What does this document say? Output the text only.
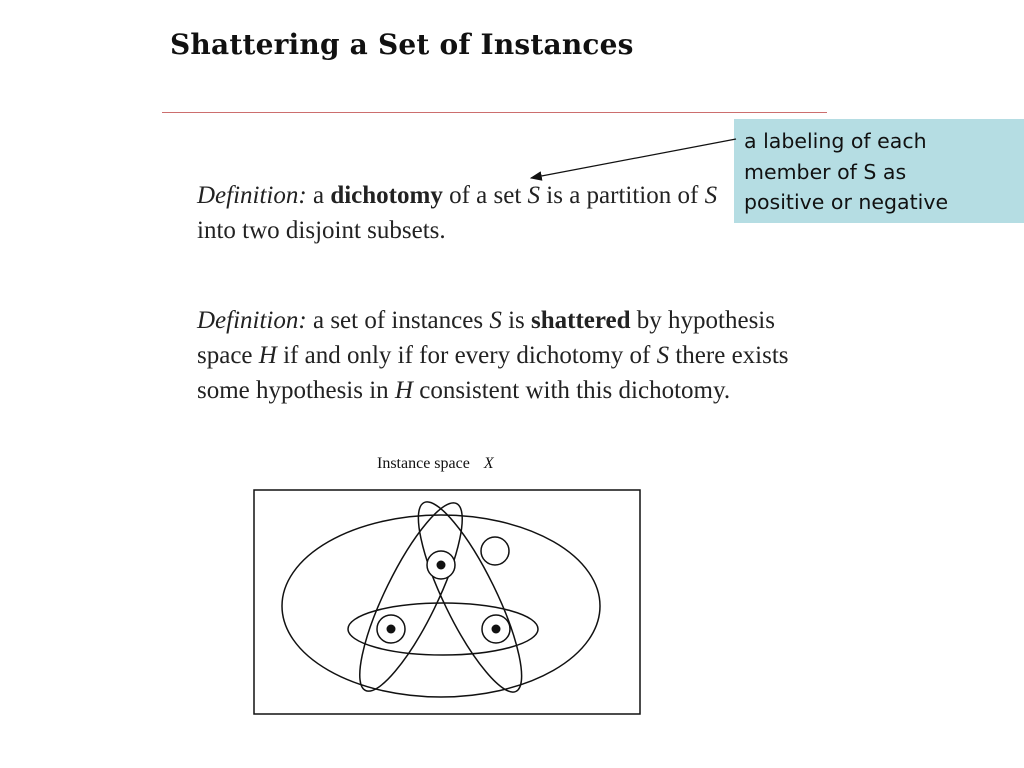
Shattering a Set of Instances

Definition: a dichotomy of a set S is a partition of S into two disjoint subsets.

Definition: a set of instances S is shattered by hypothesis space H if and only if for every dichotomy of S there exists some hypothesis in H consistent with this dichotomy.

a labeling of each
member of S as
positive or negative
Instance space X
